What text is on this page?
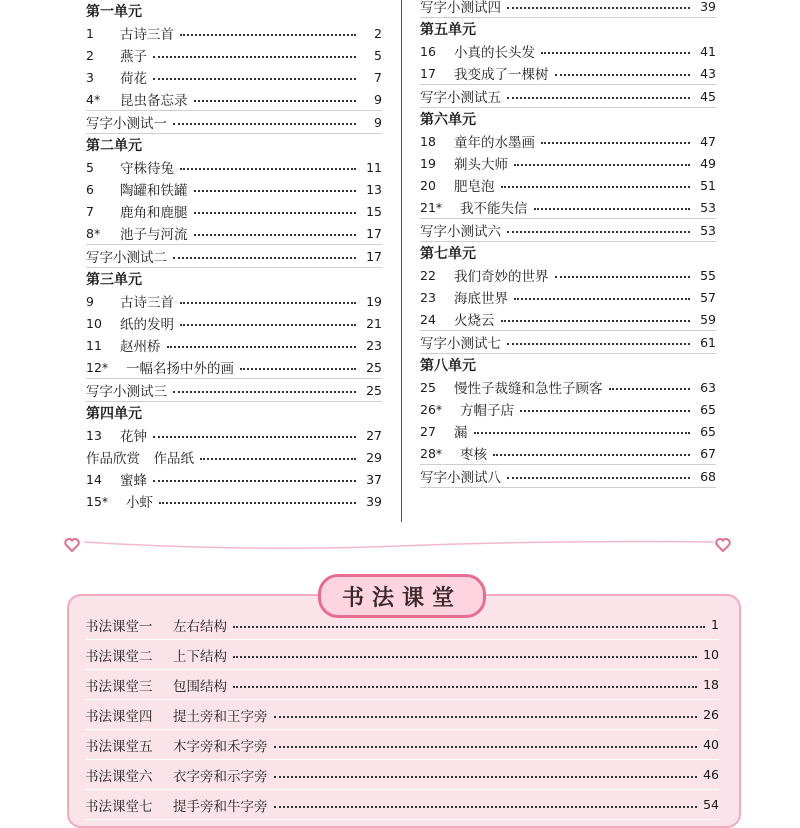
第一单元
1	古诗三首	2
2	燕子	5
3	荷花	7
4*	昆虫备忘录	9
写字小测试一	9
第二单元
5	守株待兔	11
6	陶罐和铁罐	13
7	鹿角和鹿腿	15
8*	池子与河流	17
写字小测试二	17
第三单元
9	古诗三首	19
10	纸的发明	21
11	赵州桥	23
12*	一幅名扬中外的画	25
写字小测试三	25
第四单元
13	花钟	27
作品欣赏　作品纸	29
14	蜜蜂	37
15*	小虾	39
写字小测试四	39
第五单元
16	小真的长头发	41
17	我变成了一棵树	43
写字小测试五	45
第六单元
18	童年的水墨画	47
19	剃头大师	49
20	肥皂泡	51
21*	我不能失信	53
写字小测试六	53
第七单元
22	我们奇妙的世界	55
23	海底世界	57
24	火烧云	59
写字小测试七	61
第八单元
25	慢性子裁缝和急性子顾客	63
26*	方帽子店	65
27	漏	65
28*	枣核	67
写字小测试八	68
书法课堂
书法课堂一	左右结构	1
书法课堂二	上下结构	10
书法课堂三	包围结构	18
书法课堂四	提土旁和王字旁	26
书法课堂五	木字旁和禾字旁	40
书法课堂六	衣字旁和示字旁	46
书法课堂七	提手旁和牛字旁	54
